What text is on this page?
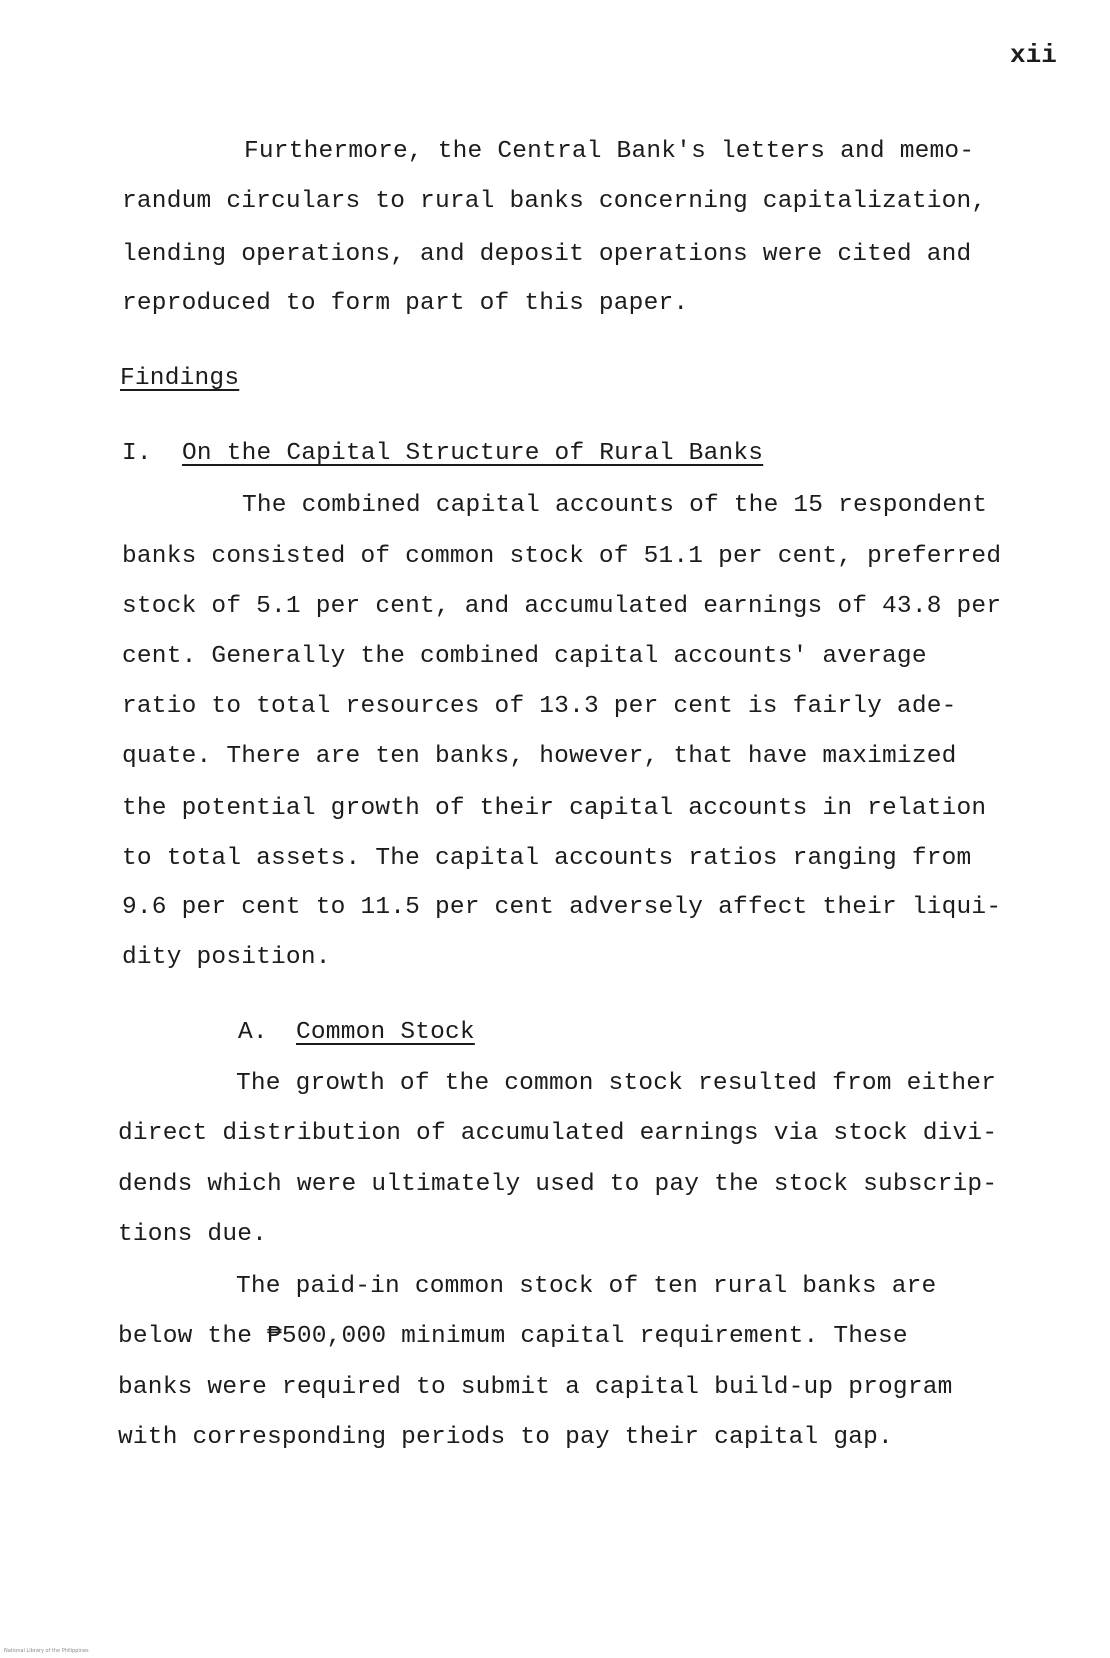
xii
Furthermore, the Central Bank's letters and memo-
randum circulars to rural banks concerning capitalization,
lending operations, and deposit operations were cited and
reproduced to form part of this paper.
Findings
I. On the Capital Structure of Rural Banks
The combined capital accounts of the 15 respondent
banks consisted of common stock of 51.1 per cent, preferred
stock of 5.1 per cent, and accumulated earnings of 43.8 per
cent. Generally the combined capital accounts' average
ratio to total resources of 13.3 per cent is fairly ade-
quate. There are ten banks, however, that have maximized
the potential growth of their capital accounts in relation
to total assets. The capital accounts ratios ranging from
9.6 per cent to 11.5 per cent adversely affect their liqui-
dity position.
A. Common Stock
The growth of the common stock resulted from either
direct distribution of accumulated earnings via stock divi-
dends which were ultimately used to pay the stock subscrip-
tions due.
The paid-in common stock of ten rural banks are
below the ₱500,000 minimum capital requirement. These
banks were required to submit a capital build-up program
with corresponding periods to pay their capital gap.
National Library of the Philippines
